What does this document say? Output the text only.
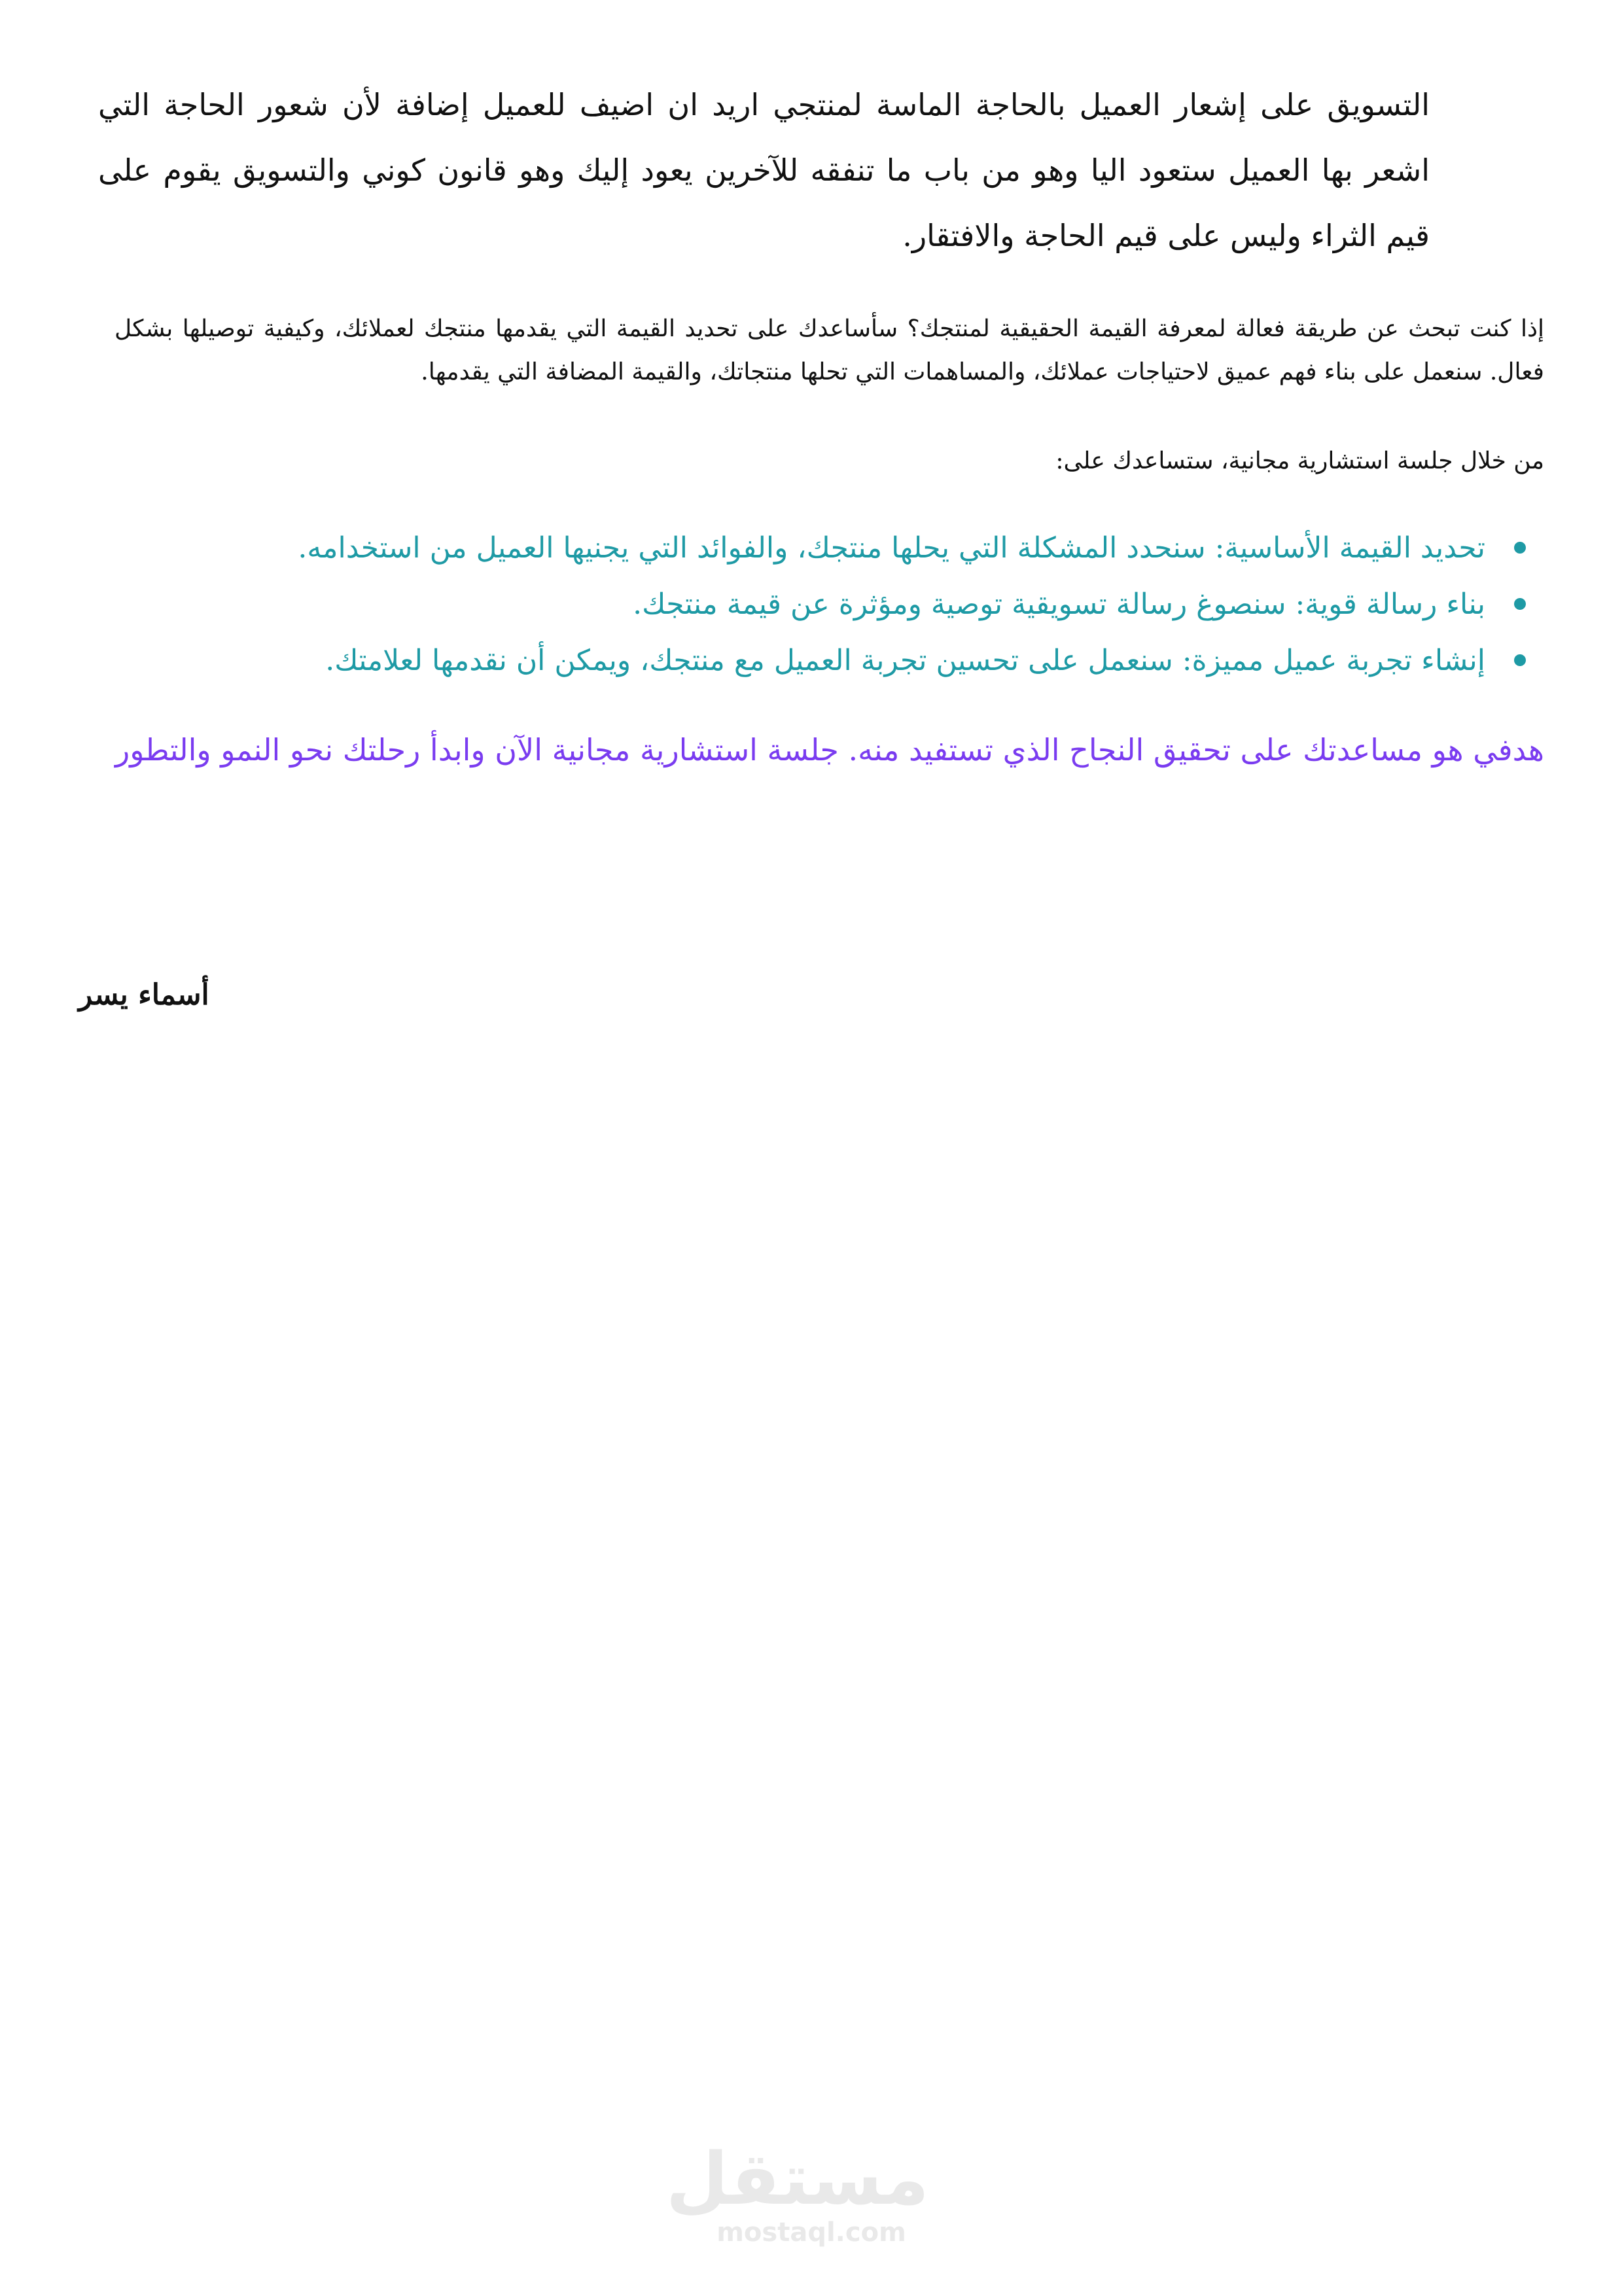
التسويق على إشعار العميل بالحاجة الماسة لمنتجي اريد ان اضيف للعميل إضافة لأن شعور الحاجة التي اشعر بها العميل ستعود اليا وهو من باب ما تنفقه للآخرين يعود إليك وهو قانون كوني والتسويق يقوم على قيم الثراء وليس على قيم الحاجة والافتقار.

إذا كنت تبحث عن طريقة فعالة لمعرفة القيمة الحقيقية لمنتجك؟ سأساعدك على تحديد القيمة التي يقدمها منتجك لعملائك، وكيفية توصيلها بشكل فعال. سنعمل على بناء فهم عميق لاحتياجات عملائك، والمساهمات التي تحلها منتجاتك، والقيمة المضافة التي يقدمها.

من خلال جلسة استشارية مجانية، ستساعدك على:

تحديد القيمة الأساسية: سنحدد المشكلة التي يحلها منتجك، والفوائد التي يجنيها العميل من استخدامه.
بناء رسالة قوية: سنصوغ رسالة تسويقية توصية ومؤثرة عن قيمة منتجك.
إنشاء تجربة عميل مميزة: سنعمل على تحسين تجربة العميل مع منتجك، ويمكن أن نقدمها لعلامتك.

هدفي هو مساعدتك على تحقيق النجاح الذي تستفيد منه. جلسة استشارية مجانية الآن وابدأ رحلتك نحو النمو والتطور

أسماء يسر
مستقل
mostaql.com
